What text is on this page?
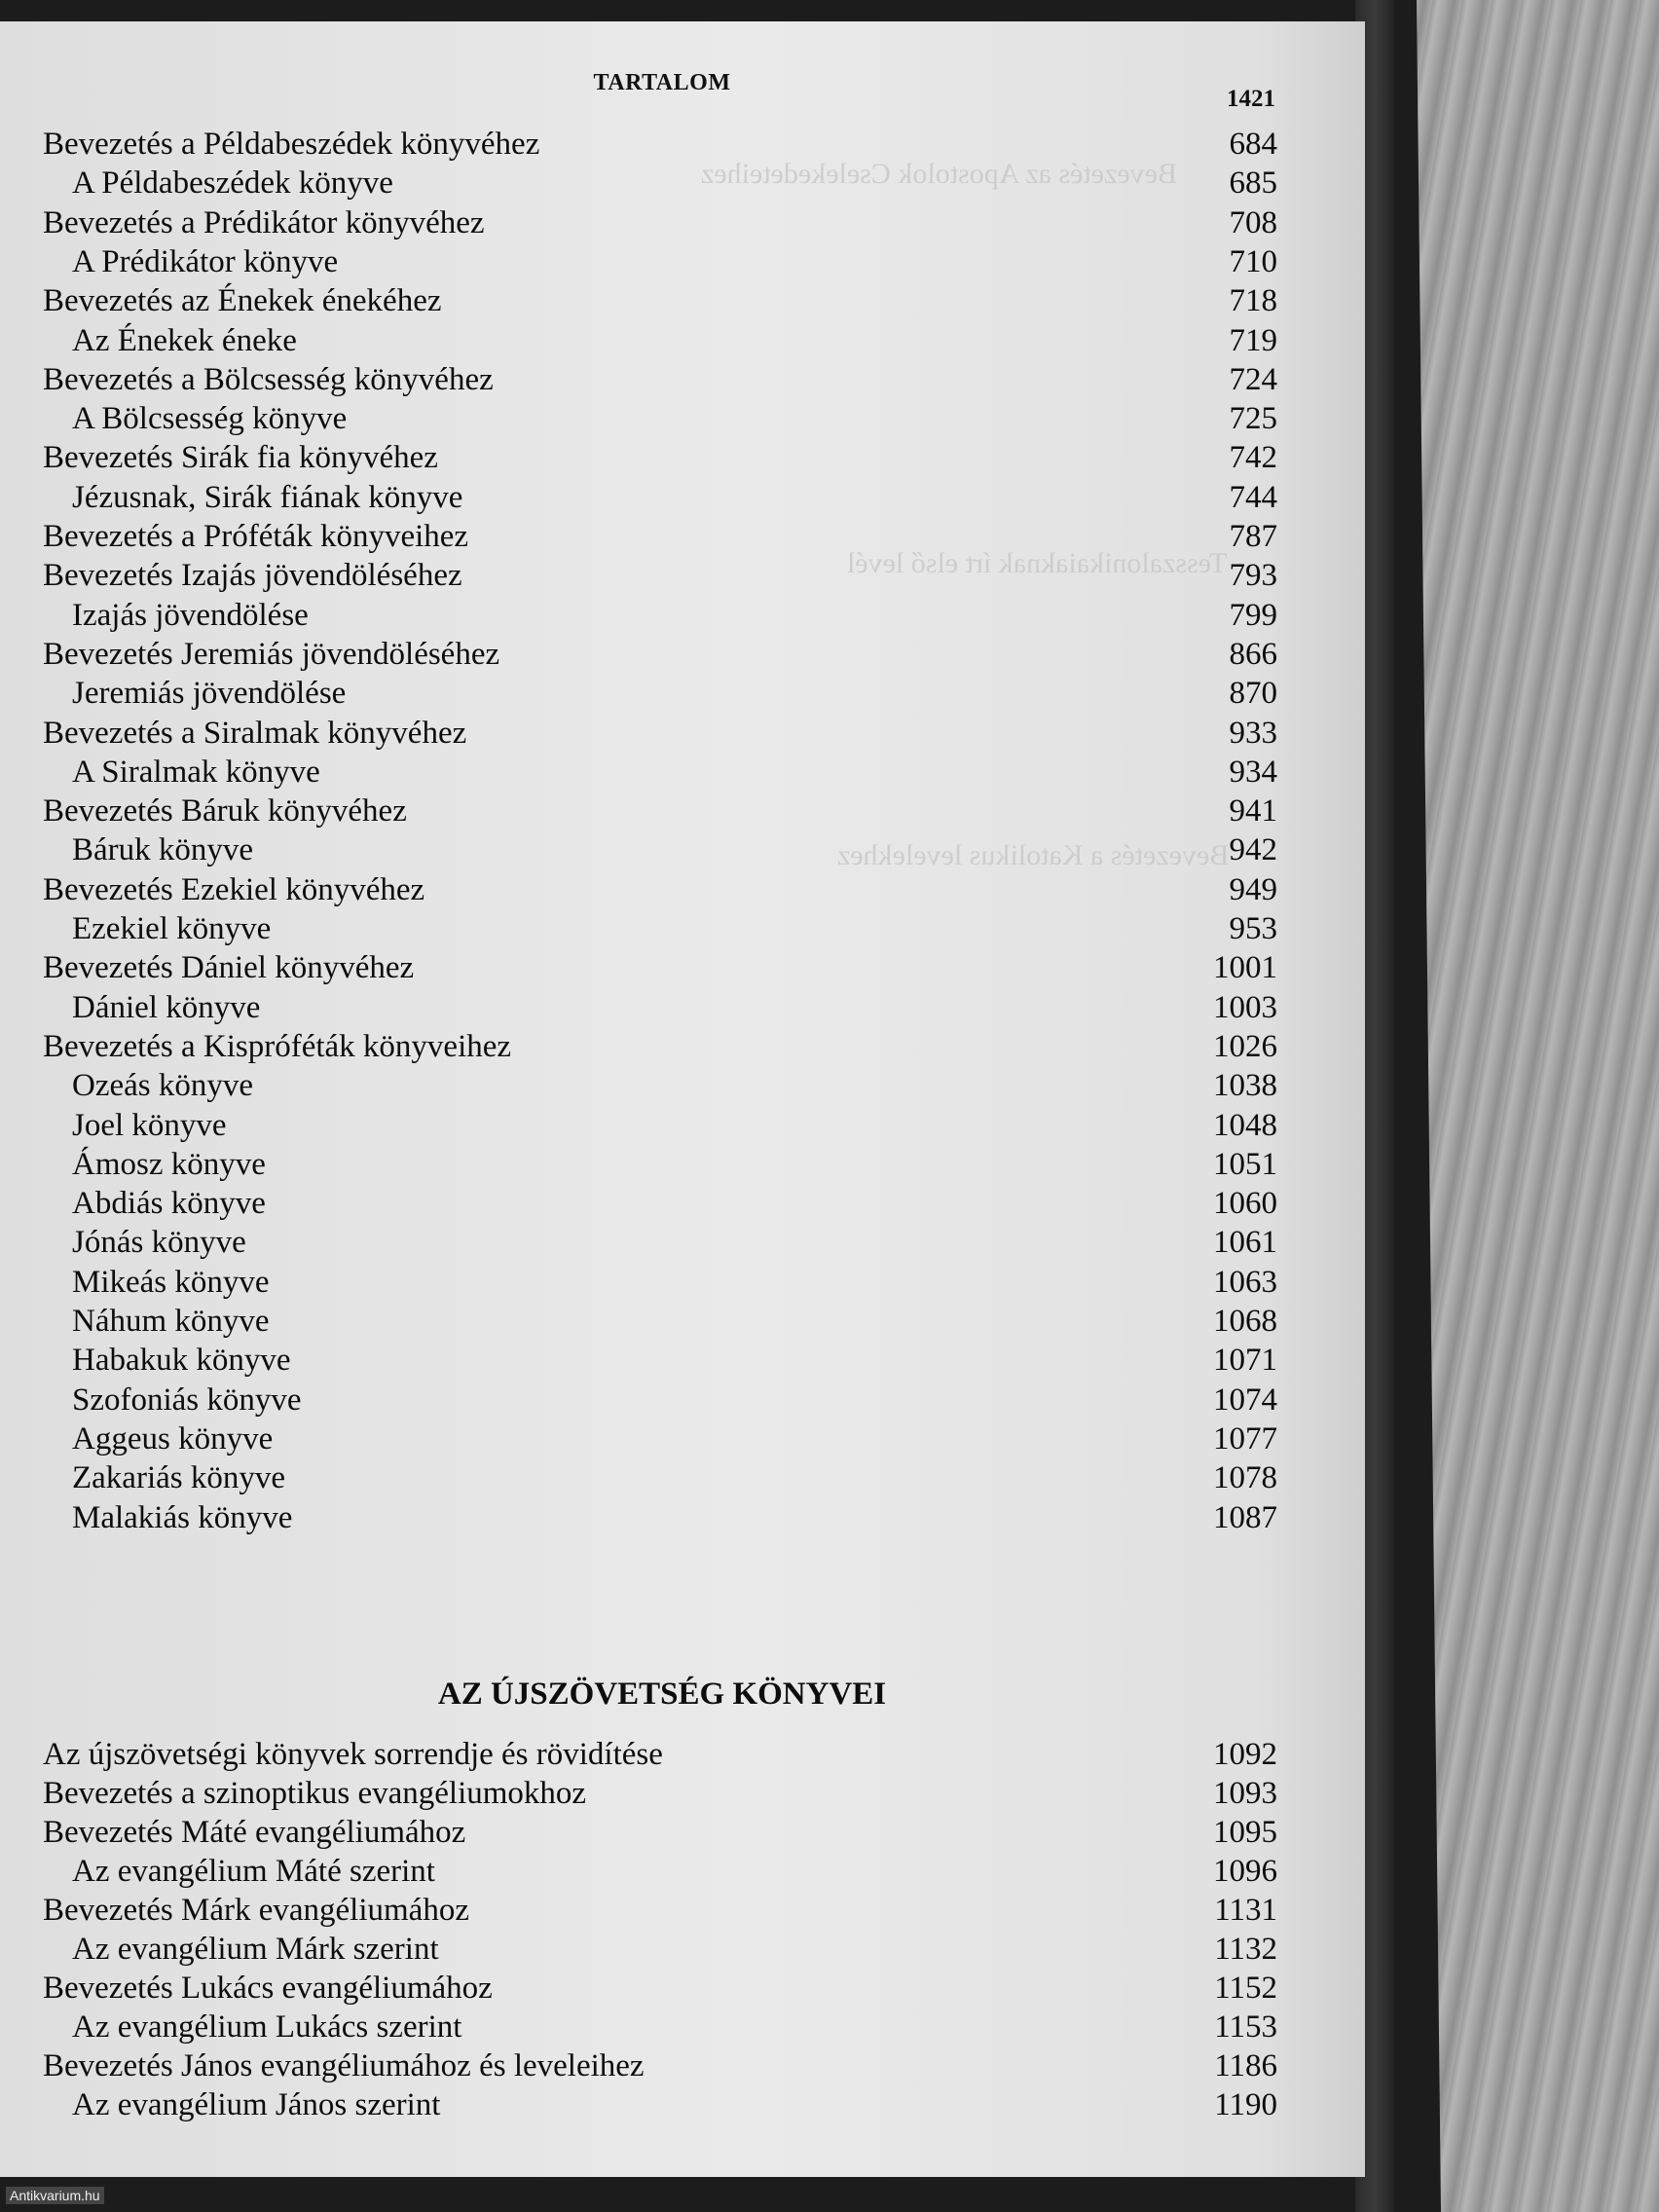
Bevezetés az Apostolok Cselekedeteihez
Tesszalonikaiaknak írt első levél
Bevezetés a Katolikus levelekhez
TARTALOM
1421
Bevezetés a Példabeszédek könyvéhez	684
A Példabeszédek könyve	685
Bevezetés a Prédikátor könyvéhez	708
A Prédikátor könyve	710
Bevezetés az Énekek énekéhez	718
Az Énekek éneke	719
Bevezetés a Bölcsesség könyvéhez	724
A Bölcsesség könyve	725
Bevezetés Sirák fia könyvéhez	742
Jézusnak, Sirák fiának könyve	744
Bevezetés a Próféták könyveihez	787
Bevezetés Izajás jövendöléséhez	793
Izajás jövendölése	799
Bevezetés Jeremiás jövendöléséhez	866
Jeremiás jövendölése	870
Bevezetés a Siralmak könyvéhez	933
A Siralmak könyve	934
Bevezetés Báruk könyvéhez	941
Báruk könyve	942
Bevezetés Ezekiel könyvéhez	949
Ezekiel könyve	953
Bevezetés Dániel könyvéhez	1001
Dániel könyve	1003
Bevezetés a Kispróféták könyveihez	1026
Ozeás könyve	1038
Joel könyve	1048
Ámosz könyve	1051
Abdiás könyve	1060
Jónás könyve	1061
Mikeás könyve	1063
Náhum könyve	1068
Habakuk könyve	1071
Szofoniás könyve	1074
Aggeus könyve	1077
Zakariás könyve	1078
Malakiás könyve	1087
AZ ÚJSZÖVETSÉG KÖNYVEI
Az újszövetségi könyvek sorrendje és rövidítése	1092
Bevezetés a szinoptikus evangéliumokhoz	1093
Bevezetés Máté evangéliumához	1095
Az evangélium Máté szerint	1096
Bevezetés Márk evangéliumához	1131
Az evangélium Márk szerint	1132
Bevezetés Lukács evangéliumához	1152
Az evangélium Lukács szerint	1153
Bevezetés János evangéliumához és leveleihez	1186
Az evangélium János szerint	1190
Antikvarium.hu
